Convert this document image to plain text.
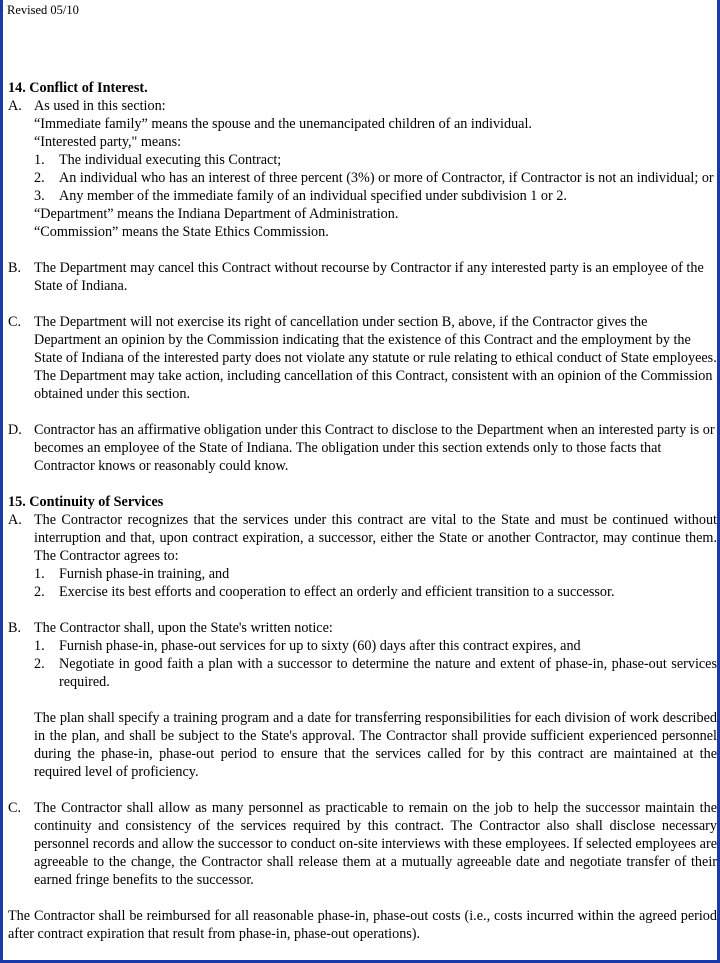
Revised 05/10
14. Conflict of Interest.
A. As used in this section:
“Immediate family” means the spouse and the unemancipated children of an individual.
“Interested party," means:
1.	The individual executing this Contract;
2.	An individual who has an interest of three percent (3%) or more of Contractor, if Contractor is not an individual; or
3.	Any member of the immediate family of an individual specified under subdivision 1 or 2.
“Department” means the Indiana Department of Administration.
“Commission” means the State Ethics Commission.
B. The Department may cancel this Contract without recourse by Contractor if any interested party is an employee of the State of Indiana.
C. The Department will not exercise its right of cancellation under section B, above, if the Contractor gives the Department an opinion by the Commission indicating that the existence of this Contract and the employment by the State of Indiana of the interested party does not violate any statute or rule relating to ethical conduct of State employees. The Department may take action, including cancellation of this Contract, consistent with an opinion of the Commission obtained under this section.
D. Contractor has an affirmative obligation under this Contract to disclose to the Department when an interested party is or becomes an employee of the State of Indiana. The obligation under this section extends only to those facts that Contractor knows or reasonably could know.
15. Continuity of Services
A. The Contractor recognizes that the services under this contract are vital to the State and must be continued without interruption and that, upon contract expiration, a successor, either the State or another Contractor, may continue them. The Contractor agrees to:
1.	Furnish phase-in training, and
2.	Exercise its best efforts and cooperation to effect an orderly and efficient transition to a successor.
B. The Contractor shall, upon the State's written notice:
1.	Furnish phase-in, phase-out services for up to sixty (60) days after this contract expires, and
2.	Negotiate in good faith a plan with a successor to determine the nature and extent of phase-in, phase-out services required.
The plan shall specify a training program and a date for transferring responsibilities for each division of work described in the plan, and shall be subject to the State's approval. The Contractor shall provide sufficient experienced personnel during the phase-in, phase-out period to ensure that the services called for by this contract are maintained at the required level of proficiency.
C. The Contractor shall allow as many personnel as practicable to remain on the job to help the successor maintain the continuity and consistency of the services required by this contract. The Contractor also shall disclose necessary personnel records and allow the successor to conduct on-site interviews with these employees. If selected employees are agreeable to the change, the Contractor shall release them at a mutually agreeable date and negotiate transfer of their earned fringe benefits to the successor.
The Contractor shall be reimbursed for all reasonable phase-in, phase-out costs (i.e., costs incurred within the agreed period after contract expiration that result from phase-in, phase-out operations).
